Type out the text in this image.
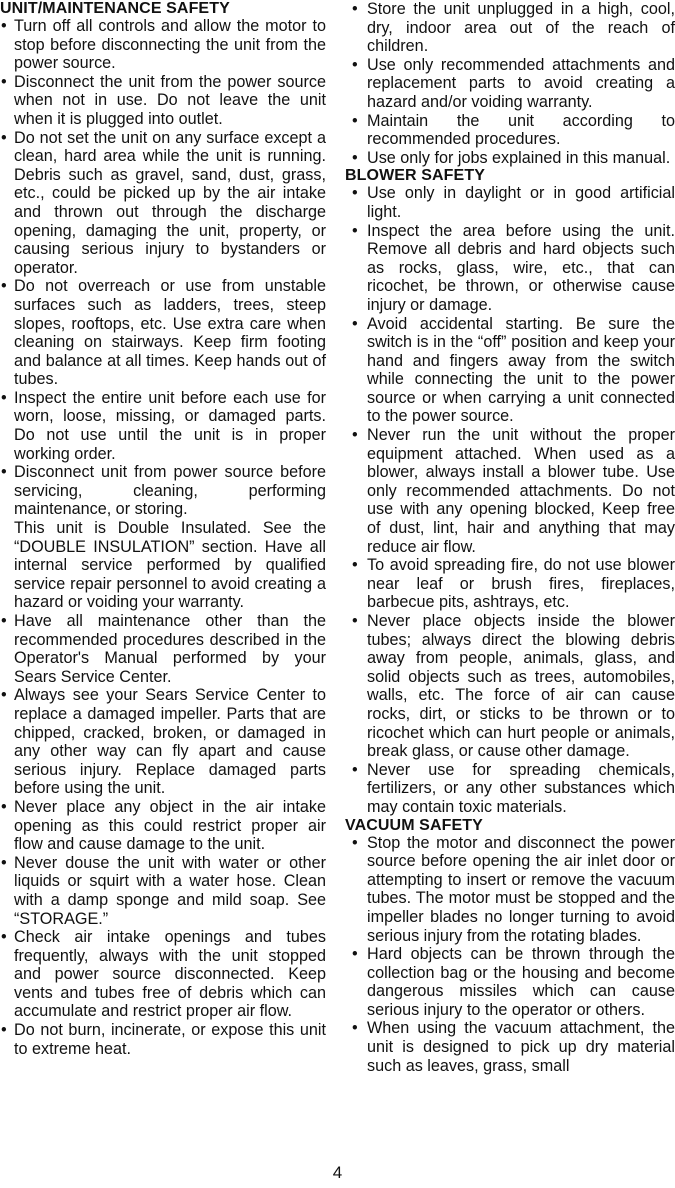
UNIT/MAINTENANCE SAFETY
• Turn off all controls and allow the motor to stop before disconnecting the unit from the power source.
• Disconnect the unit from the power source when not in use. Do not leave the unit when it is plugged into outlet.
• Do not set the unit on any surface except a clean, hard area while the unit is running. Debris such as gravel, sand, dust, grass, etc., could be picked up by the air intake and thrown out through the discharge opening, damaging the unit, property, or causing serious injury to bystanders or operator.
• Do not overreach or use from unstable surfaces such as ladders, trees, steep slopes, rooftops, etc. Use extra care when cleaning on stairways. Keep firm footing and balance at all times. Keep hands out of tubes.
• Inspect the entire unit before each use for worn, loose, missing, or damaged parts. Do not use until the unit is in proper working order.
• Disconnect unit from power source before servicing, cleaning, performing maintenance, or storing.
This unit is Double Insulated. See the “DOUBLE INSULATION” section. Have all internal service performed by qualified service repair personnel to avoid creating a hazard or voiding your warranty.
• Have all maintenance other than the recommended procedures described in the Operator's Manual performed by your Sears Service Center.
• Always see your Sears Service Center to replace a damaged impeller. Parts that are chipped, cracked, broken, or damaged in any other way can fly apart and cause serious injury. Replace damaged parts before using the unit.
• Never place any object in the air intake opening as this could restrict proper air flow and cause damage to the unit.
• Never douse the unit with water or other liquids or squirt with a water hose. Clean with a damp sponge and mild soap. See “STORAGE.”
• Check air intake openings and tubes frequently, always with the unit stopped and power source disconnected. Keep vents and tubes free of debris which can accumulate and restrict proper air flow.
• Do not burn, incinerate, or expose this unit to extreme heat.
• Store the unit unplugged in a high, cool, dry, indoor area out of the reach of children.
• Use only recommended attachments and replacement parts to avoid creating a hazard and/or voiding warranty.
• Maintain the unit according to recommended procedures.
• Use only for jobs explained in this manual.
BLOWER SAFETY
• Use only in daylight or in good artificial light.
• Inspect the area before using the unit. Remove all debris and hard objects such as rocks, glass, wire, etc., that can ricochet, be thrown, or otherwise cause injury or damage.
• Avoid accidental starting. Be sure the switch is in the “off” position and keep your hand and fingers away from the switch while connecting the unit to the power source or when carrying a unit connected to the power source.
• Never run the unit without the proper equipment attached. When used as a blower, always install a blower tube. Use only recommended attachments. Do not use with any opening blocked, Keep free of dust, lint, hair and anything that may reduce air flow.
• To avoid spreading fire, do not use blower near leaf or brush fires, fireplaces, barbecue pits, ashtrays, etc.
• Never place objects inside the blower tubes; always direct the blowing debris away from people, animals, glass, and solid objects such as trees, automobiles, walls, etc. The force of air can cause rocks, dirt, or sticks to be thrown or to ricochet which can hurt people or animals, break glass, or cause other damage.
• Never use for spreading chemicals, fertilizers, or any other substances which may contain toxic materials.
VACUUM SAFETY
• Stop the motor and disconnect the power source before opening the air inlet door or attempting to insert or remove the vacuum tubes. The motor must be stopped and the impeller blades no longer turning to avoid serious injury from the rotating blades.
• Hard objects can be thrown through the collection bag or the housing and become dangerous missiles which can cause serious injury to the operator or others.
• When using the vacuum attachment, the unit is designed to pick up dry material such as leaves, grass, small
4
